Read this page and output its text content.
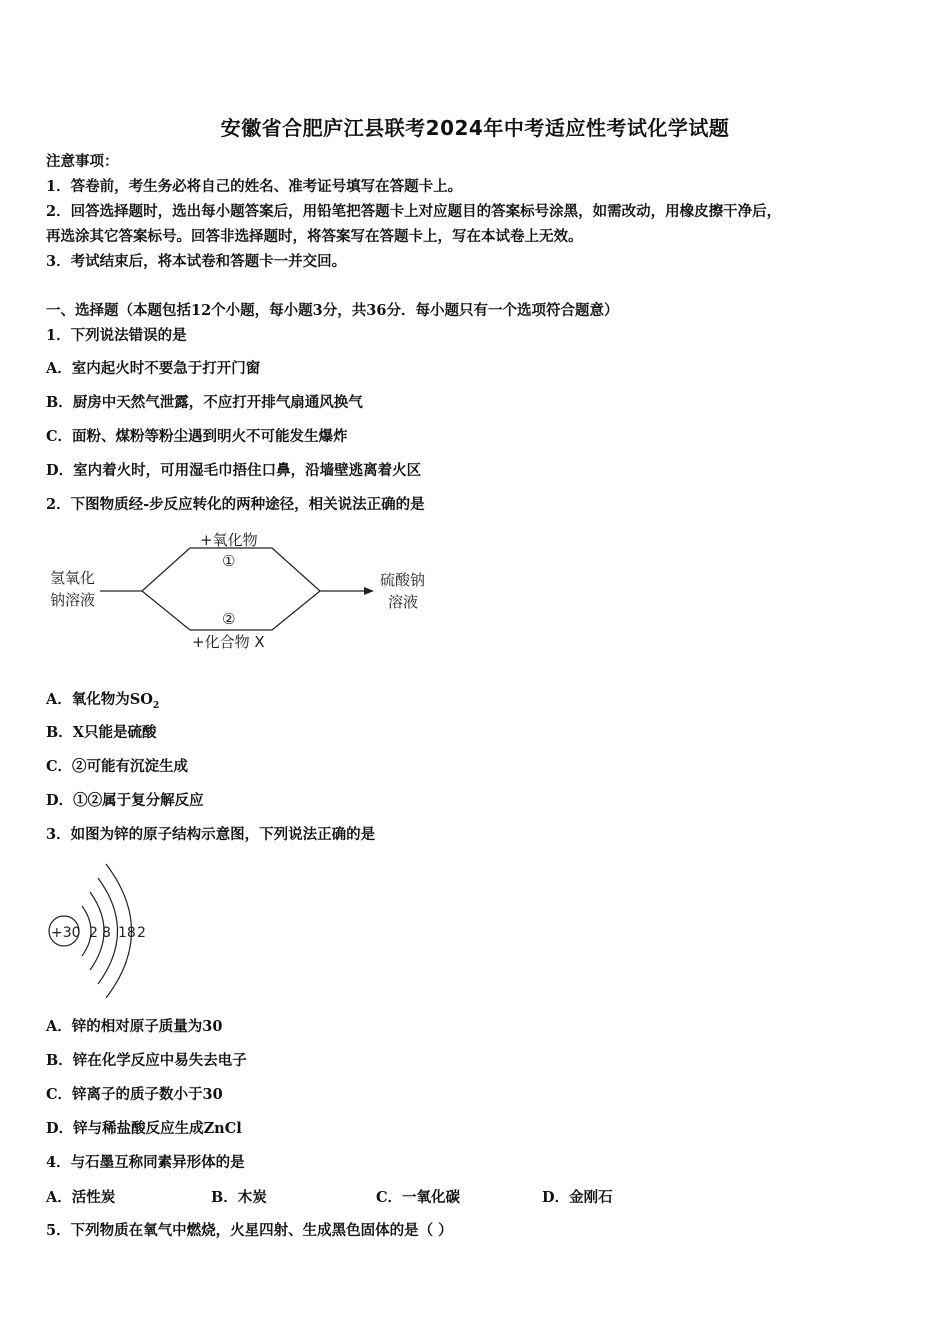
安徽省合肥庐江县联考2024年中考适应性考试化学试题
注意事项：
1．答卷前，考生务必将自己的姓名、准考证号填写在答题卡上。
2．回答选择题时，选出每小题答案后，用铅笔把答题卡上对应题目的答案标号涂黑，如需改动，用橡皮擦干净后，
再选涂其它答案标号。回答非选择题时，将答案写在答题卡上，写在本试卷上无效。
3．考试结束后，将本试卷和答题卡一并交回。
一、选择题（本题包括12个小题，每小题3分，共36分．每小题只有一个选项符合题意）
1．下列说法错误的是
A．室内起火时不要急于打开门窗
B．厨房中天然气泄露，不应打开排气扇通风换气
C．面粉、煤粉等粉尘遇到明火不可能发生爆炸
D．室内着火时，可用湿毛巾捂住口鼻，沿墙壁逃离着火区
2．下图物质经-步反应转化的两种途径，相关说法正确的是
氢氧化
钠溶液
+氧化物
①
②
+化合物 X
硫酸钠
溶液
A．氧化物为$SO_2$
B．X只能是硫酸
C．②可能有沉淀生成
D．①②属于复分解反应
3．如图为锌的原子结构示意图，下列说法正确的是
+30 2 8 18 2
A．锌的相对原子质量为30
B．锌在化学反应中易失去电子
C．锌离子的质子数小于30
D．锌与稀盐酸反应生成ZnCl
4．与石墨互称同素异形体的是
A．活性炭	B．木炭	C．一氧化碳	D．金刚石
5．下列物质在氧气中燃烧，火星四射、生成黑色固体的是（ ）
